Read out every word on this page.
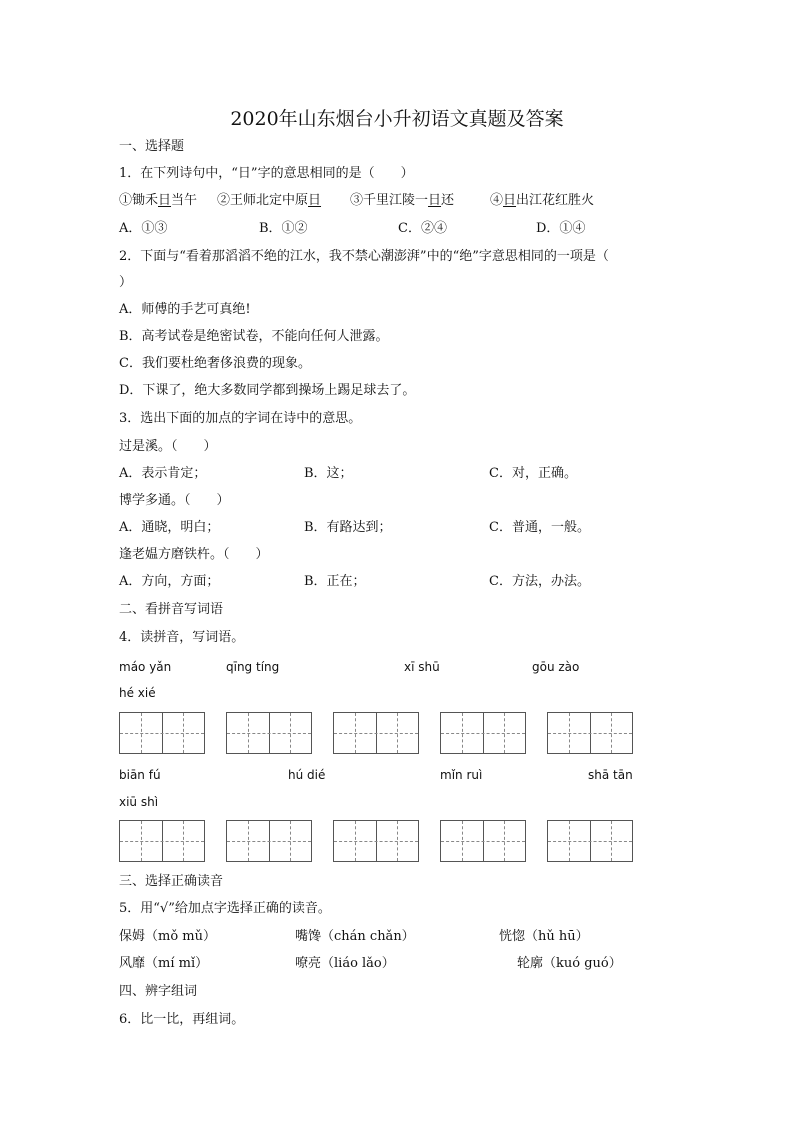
2020年山东烟台小升初语文真题及答案
一、选择题
1．在下列诗句中，“日”字的意思相同的是（　　）
①锄禾日当午 ②王师北定中原日 ③千里江陵一日还	④日出江花红胜火
A．①③	B．①②	C．②④	D．①④
2．下面与“看着那滔滔不绝的江水，我不禁心潮澎湃”中的“绝”字意思相同的一项是（
）
A．师傅的手艺可真绝!
B．高考试卷是绝密试卷，不能向任何人泄露。
C．我们要杜绝奢侈浪费的现象。
D．下课了，绝大多数同学都到操场上踢足球去了。
3．选出下面的加点的字词在诗中的意思。
过是溪。（　　）
A．表示肯定；	B．这；	C．对，正确。
博学多通。（　　）
A．通晓，明白；	B．有路达到；	C．普通，一般。
逢老媪方磨铁杵。（　　）
A．方向，方面；	B．正在；	C．方法，办法。
二、看拼音写词语
4．读拼音，写词语。
máo yǎn	qīng tíng	xī shū	gōu zào
hé xié
biān fú	hú dié	mǐn ruì	shā tān
xiū shì
三、选择正确读音
5．用“√”给加点字选择正确的读音。
保姆（mǒ mǔ）	嘴馋（chán chǎn）	恍惚（hǔ hū）
风靡（mí mǐ）	嘹亮（liáo lǎo）	轮廓（kuó guó）
四、辨字组词
6．比一比，再组词。
